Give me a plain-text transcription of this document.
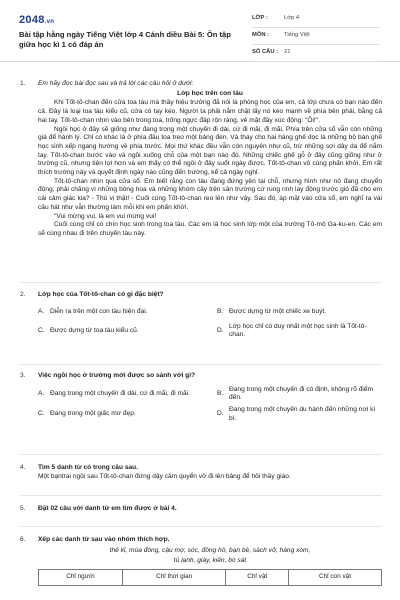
2048.vn
Bài tập hằng ngày Tiếng Việt lớp 4 Cánh diều Bài 5: Ôn tập giữa học kì 1 có đáp án
LỚP :	Lớp 4
MÔN :	Tiếng Việt
SỐ CÂU :	21
1. Em hãy đọc bài đọc sau và trả lời các câu hỏi ở dưới:
Lớp học trên con tàu

Khi Tốt-tô-chan đến cửa toa tàu mà thầy hiệu trưởng đã nói là phòng học của em, cả lớp chưa có bạn nào đến cả. Đây là loại toa tàu kiểu cũ, cửa có tay kéo. Người ta phải nắm chặt lấy nó kéo mạnh về phía bên phải, bằng cả hai tay. Tốt-tô-chan nhìn vào bên trong toa, trống ngực đập rộn ràng, vẻ mặt đầy xúc động: "Ôi!".

Ngồi học ở đây sẽ giống như đang trong một chuyến đi dài, cứ đi mãi, đi mãi. Phía trên cửa sổ vẫn còn những giá để hành lý. Chỉ có khác là ở phía đầu toa treo một bảng đen. Và thay cho hai hàng ghế dọc là những bộ bàn ghế học sinh xếp ngang hướng về phía trước. Mọi thứ khác đều vẫn còn nguyên như cũ, trừ những sợi dây da để nắm tay. Tốt-tô-chan bước vào và ngồi xuống chỗ của một bạn nào đó. Những chiếc ghế gỗ ở đây cũng giống như ở trường cũ, nhưng tiện lợi hơn và em thấy có thể ngồi ở đây suốt ngày được. Tốt-tô-chan vô cùng phấn khởi. Em rất thích trường này và quyết định ngày nào cũng đến trường, kể cả ngày nghỉ.

Tốt-tô-chan nhìn qua cửa sổ. Em biết rằng con tàu đang đứng yên tại chỗ, nhưng hình như nó đang chuyển động, phải chăng vì những bông hoa và những khóm cây trên sân trường cứ rung rinh lay động trước gió đã cho em cái cảm giác kia? - Thú vị thật! - Cuối cùng Tốt-tô-chan reo lên như vậy. Sau đó, áp mặt vào cửa sổ, em nghĩ ra vài câu hát như vẫn thường làm mỗi khi em phấn khởi.

"Vui mừng vui, là em vui mừng vui!

Cuối cùng chỉ có chín học sinh trong toa tàu. Các em là học sinh lớp một của trường Tô-mô Ga-ku-en. Các em sẽ cùng nhau đi trên chuyến tàu này.

2. Lớp học của Tốt-tô-chan có gì đặc biệt?
A. Diễn ra trên một con tàu hiện đại.	B. Được dựng từ một chiếc xe buýt.
C. Được dựng từ toa tàu kiểu cũ.	D.
Lớp học chỉ có duy nhất một học sinh là Tốt-tô-chan.
3. Việc ngồi học ở trường mới được so sánh với gì?
A. Đang trong một chuyến đi dài, cứ đi mãi, đi mãi.	B.
Đang trong một chuyến đi có định, không rõ điểm đến.
C. Đang trong một giấc mơ đẹp.	D.
Đang trong một chuyến du hành đến những nơi kì bí.
4. Tìm 5 danh từ có trong câu sau.
Một bạntrai ngồi sau Tốt-tô-chan đứng dậy cầm quyển vở đi lên bảng để hỏi thầy giáo.
5. Đặt 02 câu với danh từ em tìm được ở bài 4.
6. Xếp các danh từ sau vào nhóm thích hợp.
thế kỉ, mùa đông, cậu mợ, sóc, đồng hồ, bạn bè, sách vở, hàng xóm,
tủ lạnh, giày, kiến, bò sát
Chỉ người	Chỉ thời gian	Chỉ vật	Chỉ con vật
